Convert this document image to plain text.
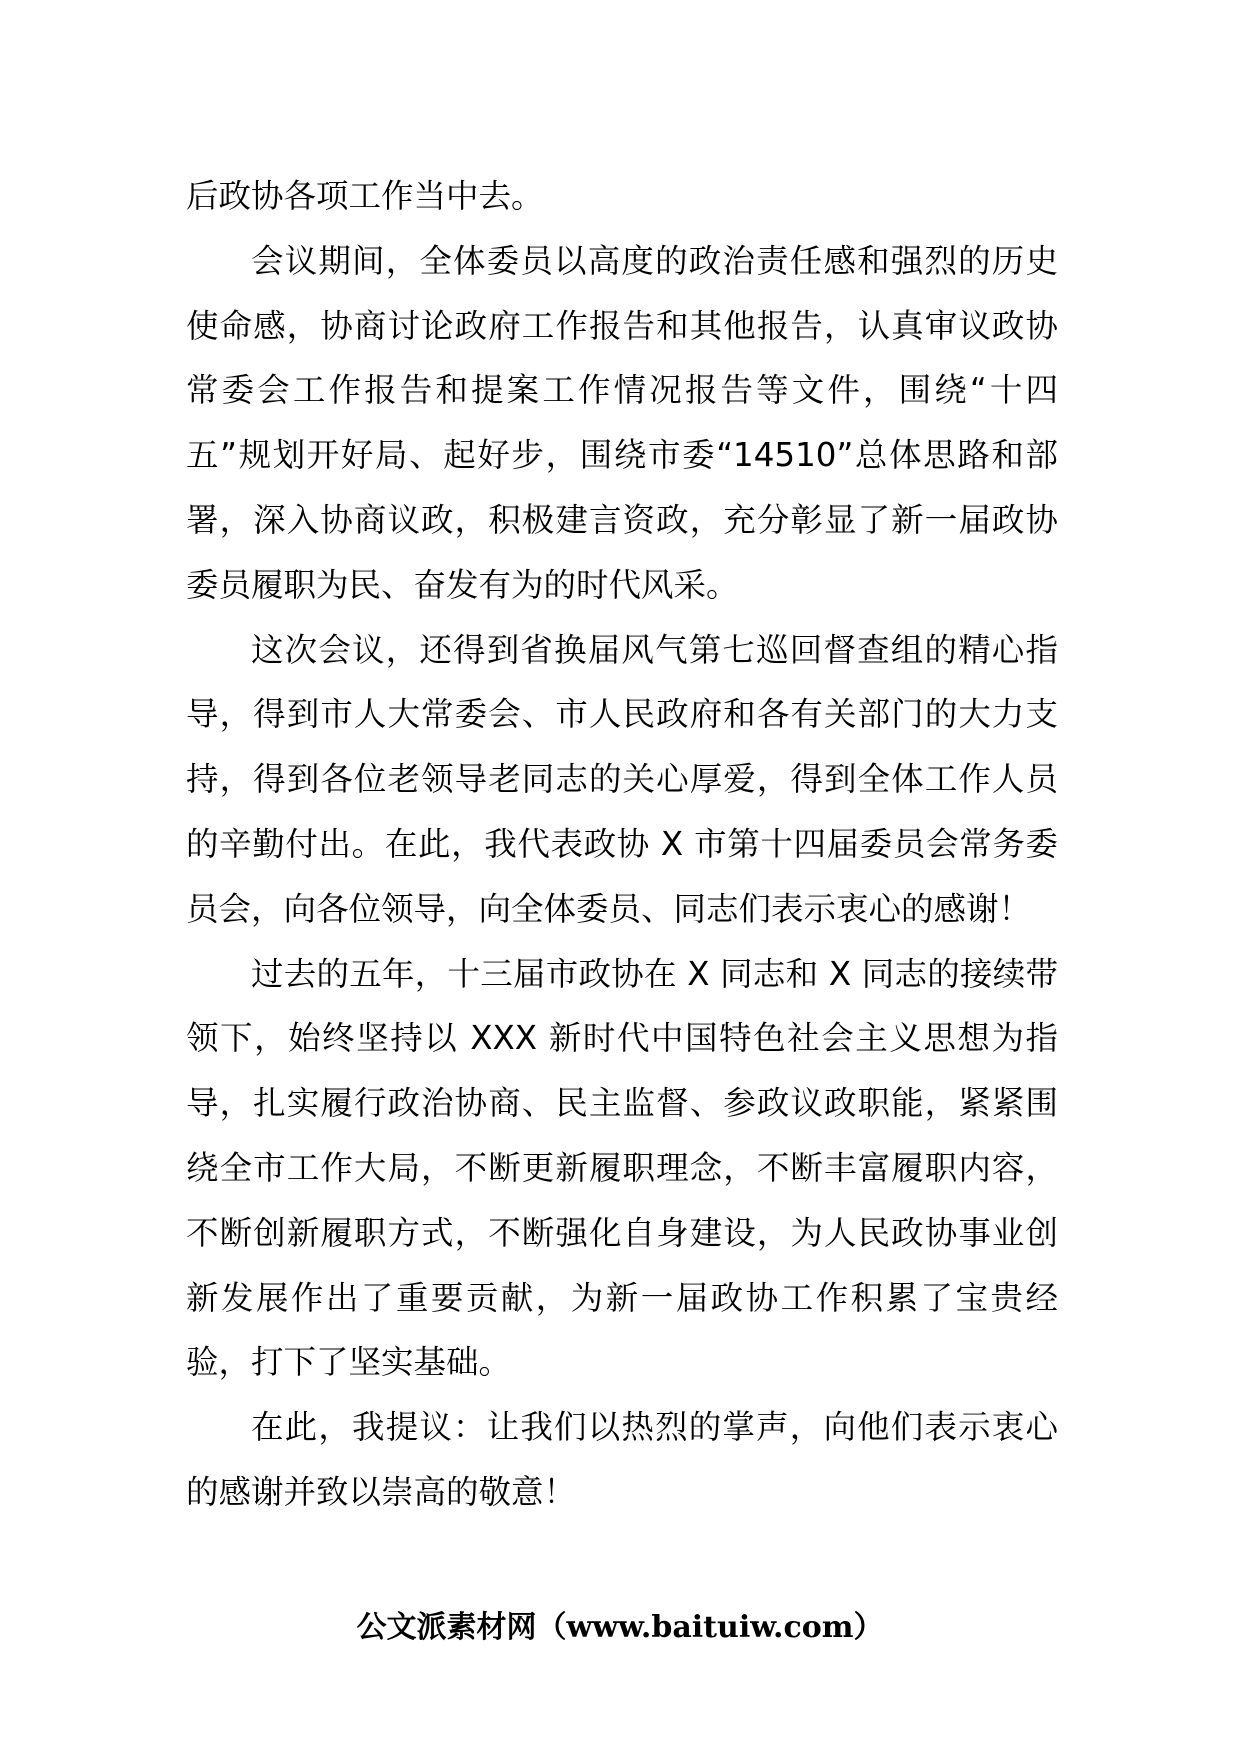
后政协各项工作当中去。

会议期间，全体委员以高度的政治责任感和强烈的历史使命感，协商讨论政府工作报告和其他报告，认真审议政协常委会工作报告和提案工作情况报告等文件，围绕“十四五”规划开好局、起好步，围绕市委“14510”总体思路和部署，深入协商议政，积极建言资政，充分彰显了新一届政协委员履职为民、奋发有为的时代风采。

这次会议，还得到省换届风气第七巡回督查组的精心指导，得到市人大常委会、市人民政府和各有关部门的大力支持，得到各位老领导老同志的关心厚爱，得到全体工作人员的辛勤付出。在此，我代表政协 X 市第十四届委员会常务委员会，向各位领导，向全体委员、同志们表示衷心的感谢！

过去的五年，十三届市政协在 X 同志和 X 同志的接续带领下，始终坚持以 XXX 新时代中国特色社会主义思想为指导，扎实履行政治协商、民主监督、参政议政职能，紧紧围绕全市工作大局，不断更新履职理念，不断丰富履职内容，不断创新履职方式，不断强化自身建设，为人民政协事业创新发展作出了重要贡献，为新一届政协工作积累了宝贵经验，打下了坚实基础。

在此，我提议：让我们以热烈的掌声，向他们表示衷心的感谢并致以崇高的敬意！

公文派素材网（www.baituiw.com）
